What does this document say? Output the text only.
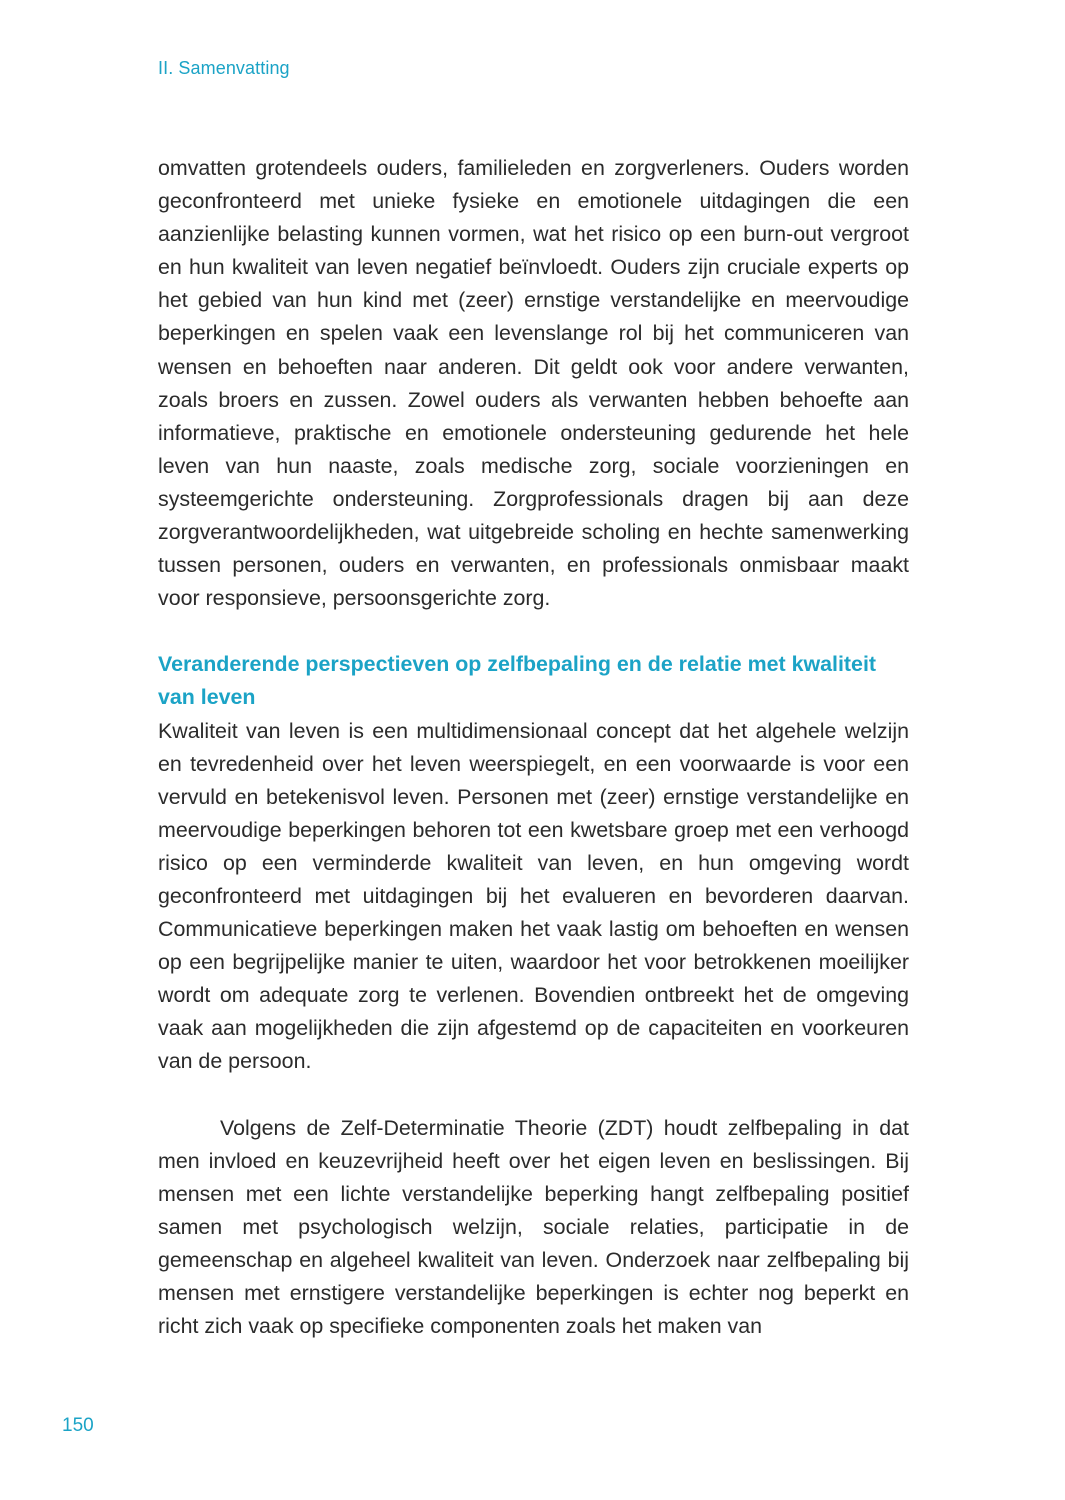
II. Samenvatting

omvatten grotendeels ouders, familieleden en zorgverleners. Ouders worden geconfronteerd met unieke fysieke en emotionele uitdagingen die een aanzienlijke belasting kunnen vormen, wat het risico op een burn-out vergroot en hun kwaliteit van leven negatief beïnvloedt. Ouders zijn cruciale experts op het gebied van hun kind met (zeer) ernstige verstandelijke en meervoudige beperkingen en spelen vaak een levenslange rol bij het communiceren van wensen en behoeften naar anderen. Dit geldt ook voor andere verwanten, zoals broers en zussen. Zowel ouders als verwanten hebben behoefte aan informatieve, praktische en emotionele ondersteuning gedurende het hele leven van hun naaste, zoals medische zorg, sociale voorzieningen en systeemgerichte ondersteuning. Zorgprofessionals dragen bij aan deze zorgverantwoordelijkheden, wat uitgebreide scholing en hechte samenwerking tussen personen, ouders en verwanten, en professionals onmisbaar maakt voor responsieve, persoonsgerichte zorg.

Veranderende perspectieven op zelfbepaling en de relatie met kwaliteit van leven

Kwaliteit van leven is een multidimensionaal concept dat het algehele welzijn en tevredenheid over het leven weerspiegelt, en een voorwaarde is voor een vervuld en betekenisvol leven. Personen met (zeer) ernstige verstandelijke en meervoudige beperkingen behoren tot een kwetsbare groep met een verhoogd risico op een verminderde kwaliteit van leven, en hun omgeving wordt geconfronteerd met uitdagingen bij het evalueren en bevorderen daarvan. Communicatieve beperkingen maken het vaak lastig om behoeften en wensen op een begrijpelijke manier te uiten, waardoor het voor betrokkenen moeilijker wordt om adequate zorg te verlenen. Bovendien ontbreekt het de omgeving vaak aan mogelijkheden die zijn afgestemd op de capaciteiten en voorkeuren van de persoon.

Volgens de Zelf-Determinatie Theorie (ZDT) houdt zelfbepaling in dat men invloed en keuzevrijheid heeft over het eigen leven en beslissingen. Bij mensen met een lichte verstandelijke beperking hangt zelfbepaling positief samen met psychologisch welzijn, sociale relaties, participatie in de gemeenschap en algeheel kwaliteit van leven. Onderzoek naar zelfbepaling bij mensen met ernstigere verstandelijke beperkingen is echter nog beperkt en richt zich vaak op specifieke componenten zoals het maken van

150
